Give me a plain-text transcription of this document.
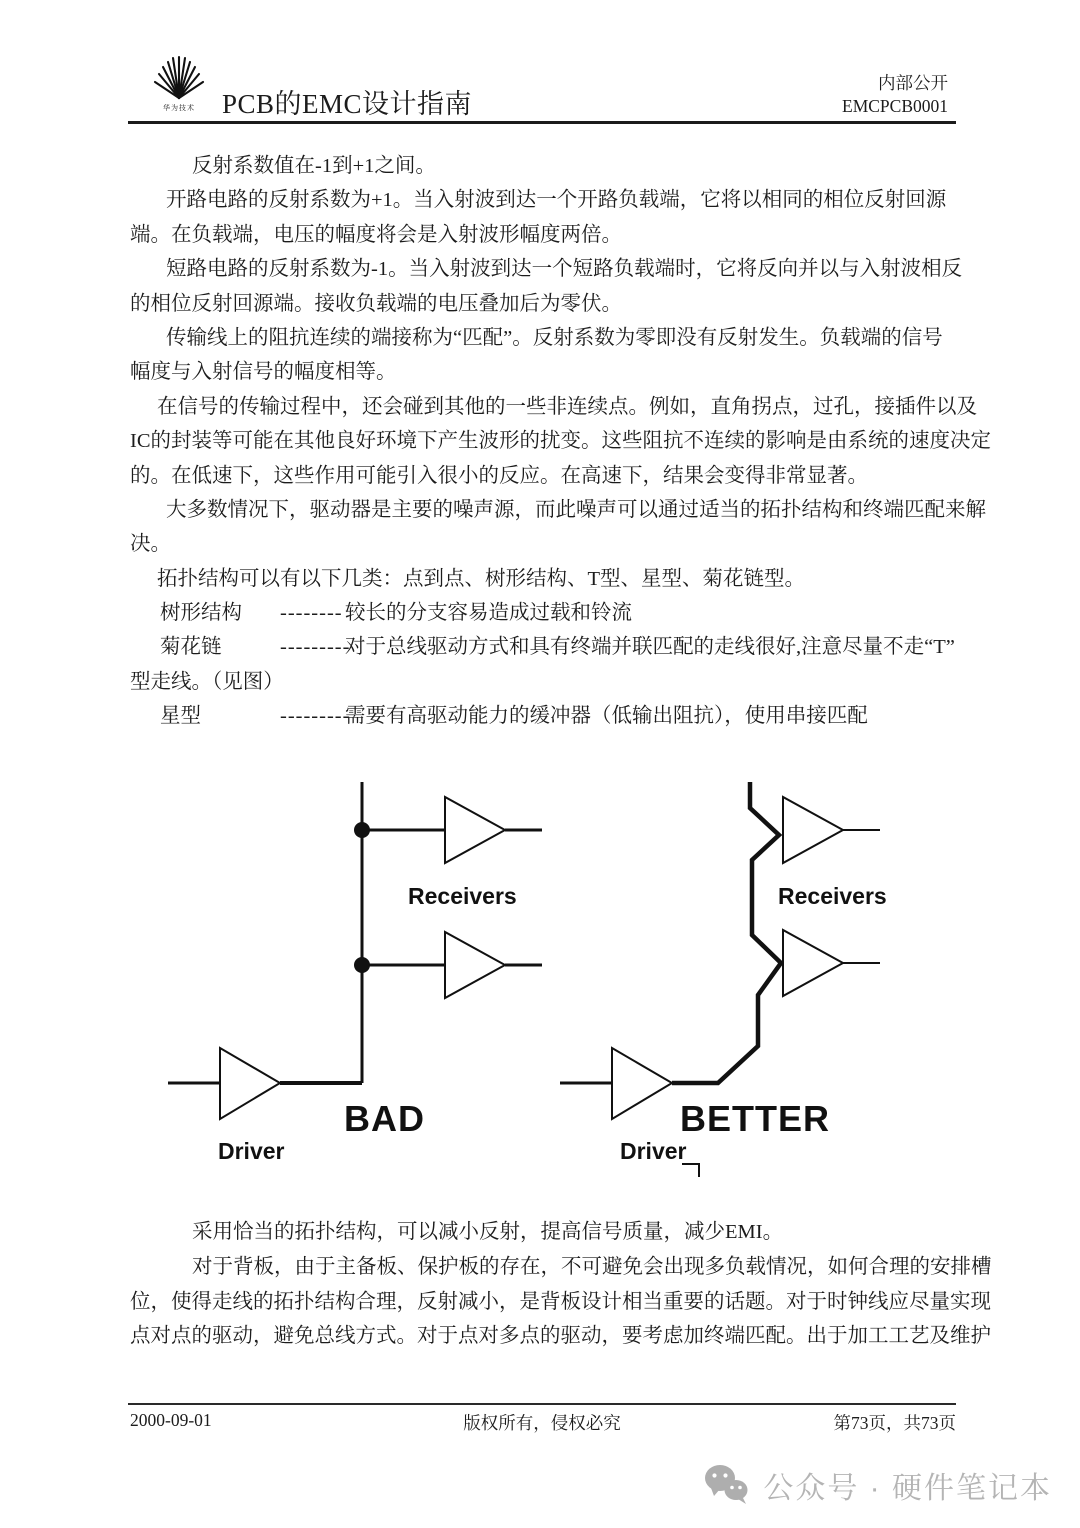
华为技术 PCB的EMC设计指南
内部公开
EMCPCB0001
反射系数值在-1到+1之间。
开路电路的反射系数为+1。当入射波到达一个开路负载端，它将以相同的相位反射回源
端。在负载端，电压的幅度将会是入射波形幅度两倍。
短路电路的反射系数为-1。当入射波到达一个短路负载端时，它将反向并以与入射波相反
的相位反射回源端。接收负载端的电压叠加后为零伏。
传输线上的阻抗连续的端接称为“匹配”。反射系数为零即没有反射发生。负载端的信号
幅度与入射信号的幅度相等。
在信号的传输过程中，还会碰到其他的一些非连续点。例如，直角拐点，过孔，接插件以及
IC的封装等可能在其他良好环境下产生波形的扰变。这些阻抗不连续的影响是由系统的速度决定
的。在低速下，这些作用可能引入很小的反应。在高速下，结果会变得非常显著。
大多数情况下，驱动器是主要的噪声源，而此噪声可以通过适当的拓扑结构和终端匹配来解
决。
拓扑结构可以有以下几类：点到点、树形结构、T型、星型、菊花链型。
树形结构 -------- 较长的分支容易造成过载和铃流
菊花链	---------对于总线驱动方式和具有终端并联匹配的走线很好,注意尽量不走“T”
型走线。（见图）
星型	---------需要有高驱动能力的缓冲器（低输出阻抗），使用串接匹配
Receivers
BAD
Driver
Receivers
BETTER
Driver
采用恰当的拓扑结构，可以减小反射，提高信号质量，减少EMI。
对于背板，由于主备板、保护板的存在，不可避免会出现多负载情况，如何合理的安排槽
位，使得走线的拓扑结构合理，反射减小，是背板设计相当重要的话题。对于时钟线应尽量实现
点对点的驱动，避免总线方式。对于点对多点的驱动，要考虑加终端匹配。出于加工工艺及维护
2000-09-01	版权所有，侵权必究	第73页，共73页
公众号 · 硬件笔记本
